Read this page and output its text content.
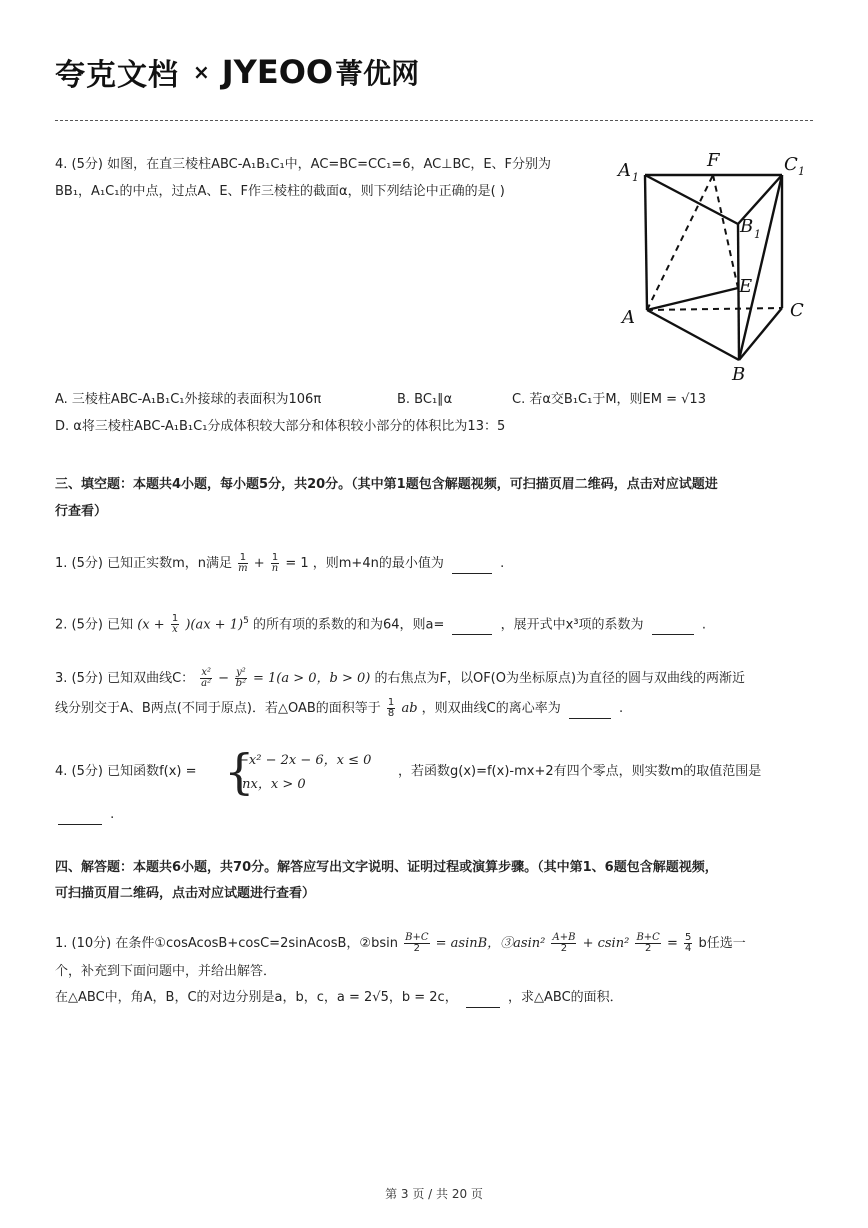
夸克文档 × JYEOO 菁优网
4. (5分) 如图，在直三棱柱ABC-A₁B₁C₁中，AC=BC=CC₁=6，AC⊥BC，E、F分别为
BB₁，A₁C₁的中点，过点A、E、F作三棱柱的截面α，则下列结论中正确的是( )
F	C 1
A 1
B 1
E
A	C
B
A. 三棱柱ABC-A₁B₁C₁外接球的表面积为106π	B. BC₁∥α	C. 若α交B₁C₁于M，则EM = √13
D. α将三棱柱ABC-A₁B₁C₁分成体积较大部分和体积较小部分的体积比为13：5
三、填空题：本题共4小题，每小题5分，共20分。（其中第1题包含解题视频，可扫描页眉二维码，点击对应试题进
行查看）
1. (5分) 已知正实数m，n满足 $\frac{1}{m} + \frac{1}{n} = 1$ ，则m+4n的最小值为	.
2. (5分) 已知 $(x + \frac{1}{x} )(ax + 1)^5$ 的所有项的系数的和为64，则a=	，展开式中x³项的系数为	.
3. (5分) 已知双曲线C： $\frac{\text{x²}}{\text{a²}} - \frac{\text{y²}}{\text{b²}} = 1(a > 0$，b > 0) 的右焦点为F，以OF(O为坐标原点)为直径的圆与双曲线的两渐近
线分别交于A、B两点(不同于原点)．若△OAB的面积等于 $\frac{1}{8}$ ab ，则双曲线C的离心率为	.
4. (5分) 已知函数f(x) = {
−x² − 2x − 6，x ≤ 0
lnx，x > 0
，若函数g(x)=f(x)-mx+2有四个零点，则实数m的取值范围是
.
四、解答题：本题共6小题，共70分。解答应写出文字说明、证明过程或演算步骤。（其中第1、6题包含解题视频，
可扫描页眉二维码，点击对应试题进行查看）
1. (10分) 在条件①cosAcosB+cosC=2sinAcosB，②bsin $\frac{B+C}{2} = asinB$，③asin² $\frac{A+B}{2} + csin^2 \frac{B+C}{2} = \frac{5}{4}$ b任选一
个，补充到下面问题中，并给出解答．
在△ABC中，角A，B，C的对边分别是a，b，c，a = 2√5，b = 2c，	，求△ABC的面积．
第 3 页 / 共 20 页
